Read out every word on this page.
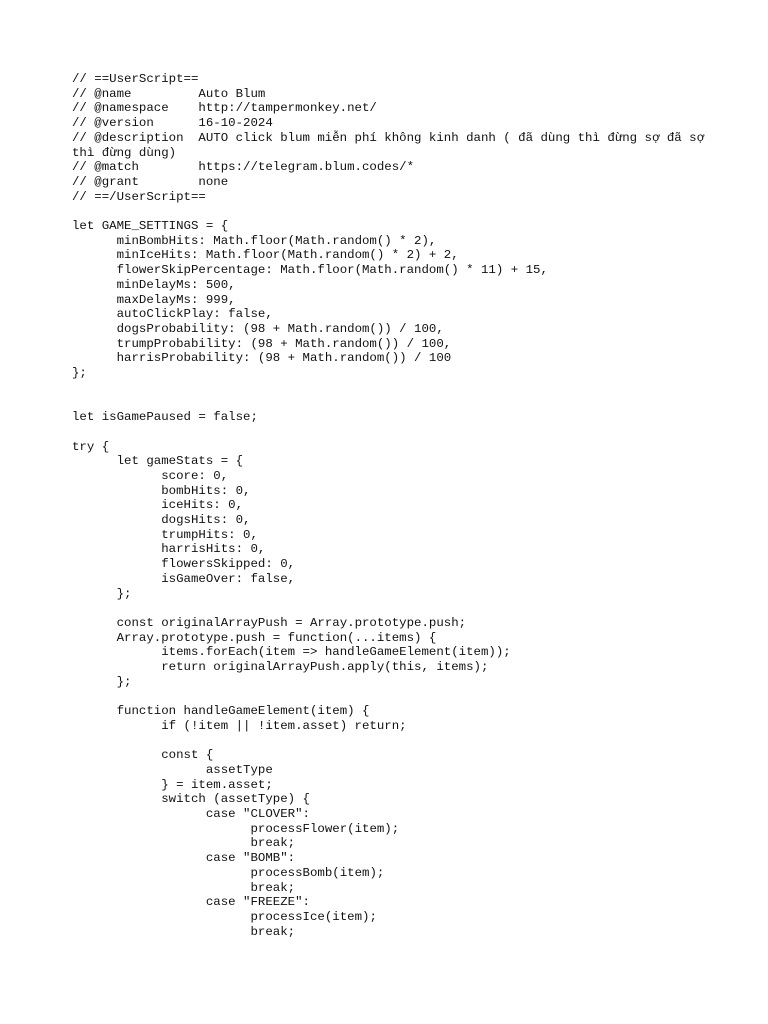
// ==UserScript==
// @name         Auto Blum
// @namespace    http://tampermonkey.net/
// @version      16-10-2024
// @description  AUTO click blum miễn phí không kinh danh ( đã dùng thì đừng sợ đã sợ thì đừng dùng)
// @match        https://telegram.blum.codes/*
// @grant        none
// ==/UserScript==
let GAME_SETTINGS = {
	minBombHits: Math.floor(Math.random() * 2),
	minIceHits: Math.floor(Math.random() * 2) + 2,
	flowerSkipPercentage: Math.floor(Math.random() * 11) + 15,
	minDelayMs: 500,
	maxDelayMs: 999,
	autoClickPlay: false,
	dogsProbability: (98 + Math.random()) / 100,
	trumpProbability: (98 + Math.random()) / 100,
	harrisProbability: (98 + Math.random()) / 100
};
let isGamePaused = false;
try {
	let gameStats = {
		score: 0,
		bombHits: 0,
		iceHits: 0,
		dogsHits: 0,
		trumpHits: 0,
		harrisHits: 0,
		flowersSkipped: 0,
		isGameOver: false,
	};
	const originalArrayPush = Array.prototype.push;
	Array.prototype.push = function(...items) {
		items.forEach(item => handleGameElement(item));
		return originalArrayPush.apply(this, items);
	};
	function handleGameElement(item) {
		if (!item || !item.asset) return;
		const {
			assetType
		} = item.asset;
		switch (assetType) {
			case "CLOVER":
				processFlower(item);
				break;
			case "BOMB":
				processBomb(item);
				break;
			case "FREEZE":
				processIce(item);
				break;
